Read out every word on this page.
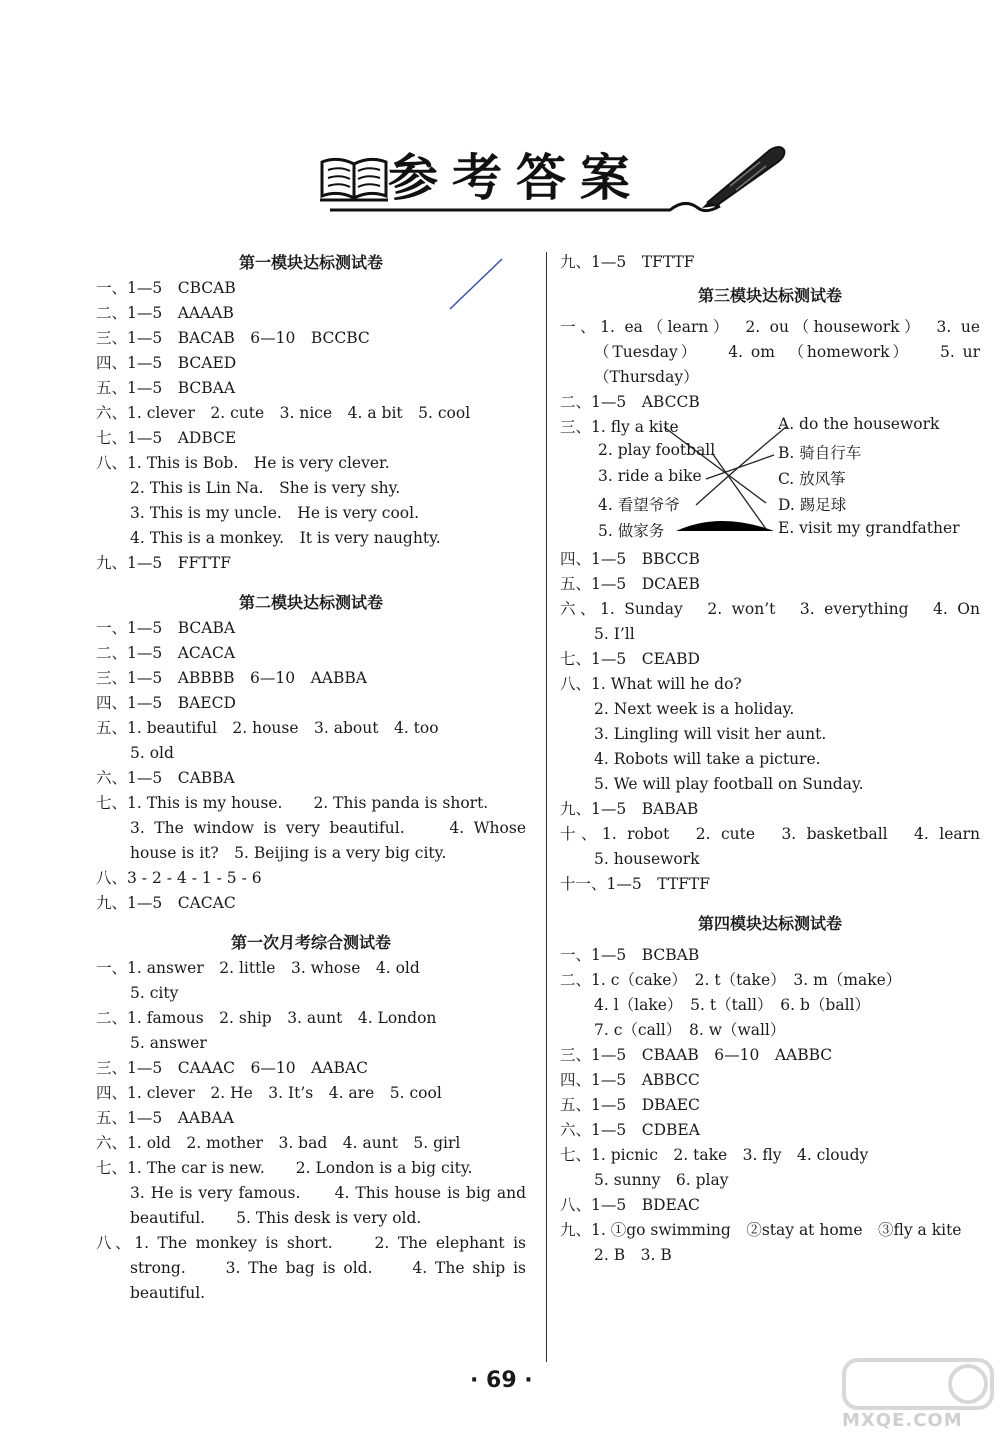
参考答案
第一模块达标测试卷
一、1—5　CBCAB
二、1—5　AAAAB
三、1—5　BACAB　6—10　BCCBC
四、1—5　BCAED
五、1—5　BCBAA
六、1. clever　2. cute　3. nice　4. a bit　5. cool
七、1—5　ADBCE
八、1. This is Bob.　He is very clever.
2. This is Lin Na.　She is very shy.
3. This is my uncle.　He is very cool.
4. This is a monkey.　It is very naughty.
九、1—5　FFTTF
第二模块达标测试卷
一、1—5　BCABA
二、1—5　ACACA
三、1—5　ABBBB　6—10　AABBA
四、1—5　BAECD
五、1. beautiful　2. house　3. about　4. too
5. old
六、1—5　CABBA
七、1. This is my house.　　2. This panda is short.
3. The window is very beautiful.　　4. Whose
house is it?　5. Beijing is a very big city.
八、3 - 2 - 4 - 1 - 5 - 6
九、1—5　CACAC
第一次月考综合测试卷
一、1. answer　2. little　3. whose　4. old
5. city
二、1. famous　2. ship　3. aunt　4. London
5. answer
三、1—5　CAAAC　6—10　AABAC
四、1. clever　2. He　3. It’s　4. are　5. cool
五、1—5　AABAA
六、1. old　2. mother　3. bad　4. aunt　5. girl
七、1. The car is new.　　2. London is a big city.
3. He is very famous.　　4. This house is big and
beautiful.　　5. This desk is very old.
八、1. The monkey is short.　　2. The elephant is
strong.　　3. The bag is old.　　4. The ship is
beautiful.
九、1—5　TFTTF
第三模块达标测试卷
一、1. ea（learn）　2. ou（housework）　3. ue
（Tuesday）　　4. om　（homework）　　5. ur
（Thursday）
二、1—5　ABCCB
三、1. fly a kite
2. play football
3. ride a bike
4. 看望爷爷
5. 做家务
A. do the housework
B. 骑自行车
C. 放风筝
D. 踢足球
E. visit my grandfather
四、1—5　BBCCB
五、1—5　DCAEB
六、1. Sunday　2. won’t　3. everything　4. On
5. I’ll
七、1—5　CEABD
八、1. What will he do?
2. Next week is a holiday.
3. Lingling will visit her aunt.
4. Robots will take a picture.
5. We will play football on Sunday.
九、1—5　BABAB
十、1. robot　2. cute　3. basketball　4. learn
5. housework
十一、1—5　TTFTF
第四模块达标测试卷
一、1—5　BCBAB
二、1. c（cake）　2. t（take）　3. m（make）
4. l（lake）　5. t（tall）　6. b（ball）
7. c（call）　8. w（wall）
三、1—5　CBAAB　6—10　AABBC
四、1—5　ABBCC
五、1—5　DBAEC
六、1—5　CDBEA
七、1. picnic　2. take　3. fly　4. cloudy
5. sunny　6. play
八、1—5　BDEAC
九、1. ①go swimming　②stay at home　③fly a kite
2. B　3. B
· 69 ·
MXQE.COM
